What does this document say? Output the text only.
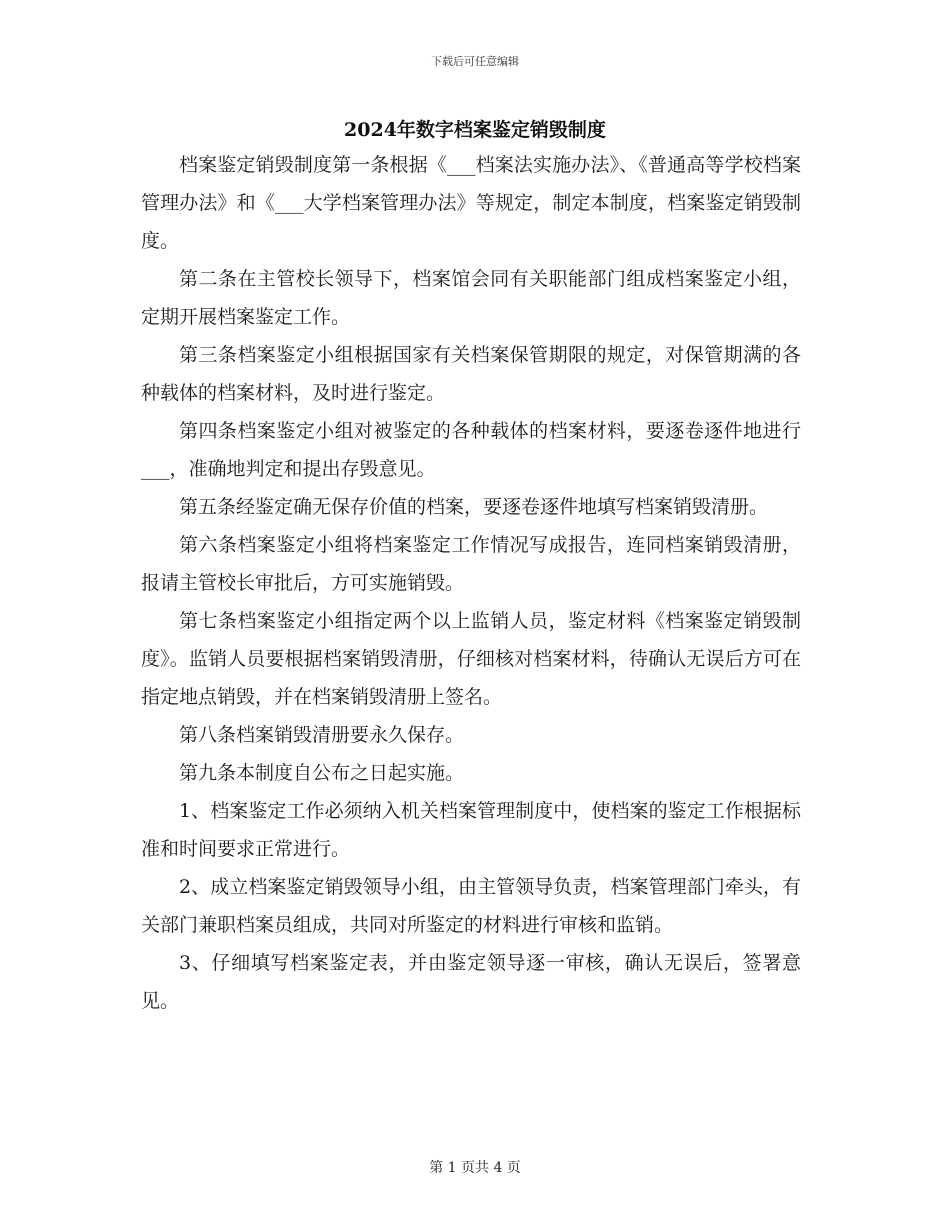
下载后可任意编辑
2024年数字档案鉴定销毁制度

档案鉴定销毁制度第一条根据《___档案法实施办法》、《普通高等学校档案管理办法》和《___大学档案管理办法》等规定，制定本制度，档案鉴定销毁制度。

第二条在主管校长领导下，档案馆会同有关职能部门组成档案鉴定小组，定期开展档案鉴定工作。

第三条档案鉴定小组根据国家有关档案保管期限的规定，对保管期满的各种载体的档案材料，及时进行鉴定。

第四条档案鉴定小组对被鉴定的各种载体的档案材料，要逐卷逐件地进行___，准确地判定和提出存毁意见。

第五条经鉴定确无保存价值的档案，要逐卷逐件地填写档案销毁清册。

第六条档案鉴定小组将档案鉴定工作情况写成报告，连同档案销毁清册，报请主管校长审批后，方可实施销毁。

第七条档案鉴定小组指定两个以上监销人员，鉴定材料《档案鉴定销毁制度》。监销人员要根据档案销毁清册，仔细核对档案材料，待确认无误后方可在指定地点销毁，并在档案销毁清册上签名。

第八条档案销毁清册要永久保存。

第九条本制度自公布之日起实施。

1、档案鉴定工作必须纳入机关档案管理制度中，使档案的鉴定工作根据标准和时间要求正常进行。

2、成立档案鉴定销毁领导小组，由主管领导负责，档案管理部门牵头，有关部门兼职档案员组成，共同对所鉴定的材料进行审核和监销。

3、仔细填写档案鉴定表，并由鉴定领导逐一审核，确认无误后，签署意见。

第 1 页共 4 页
